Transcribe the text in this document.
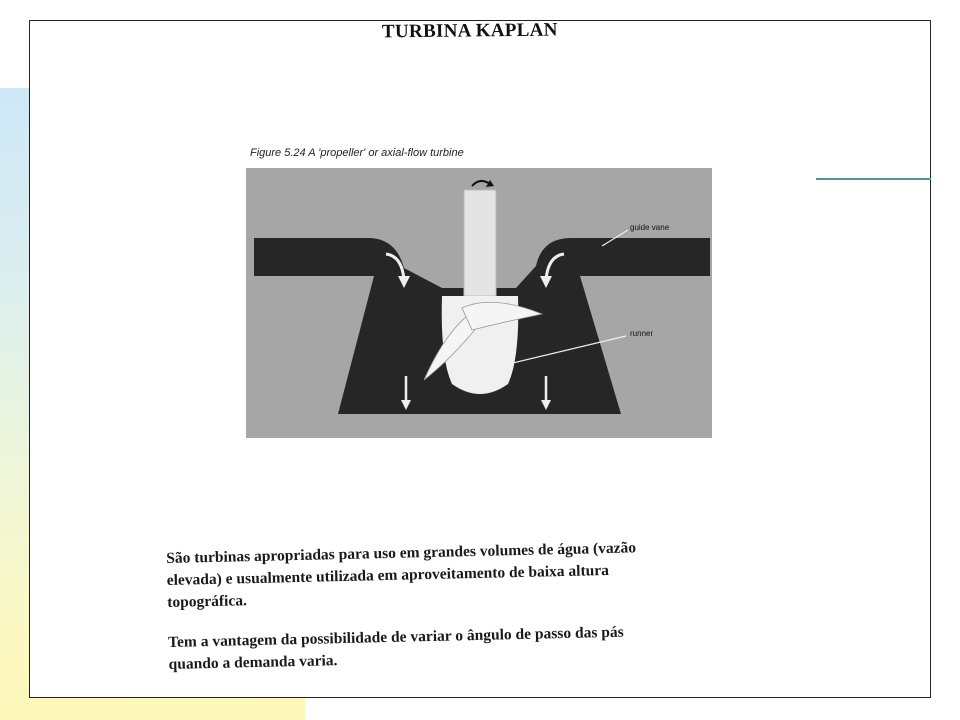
TURBINA KAPLAN
Figure 5.24 A 'propeller' or axial-flow turbine
guide vane
runner

São turbinas apropriadas para uso em grandes volumes de água (vazão

elevada) e usualmente utilizada em aproveitamento de baixa altura

topográfica.

Tem a vantagem da possibilidade de variar o ângulo de passo das pás

quando a demanda varia.
